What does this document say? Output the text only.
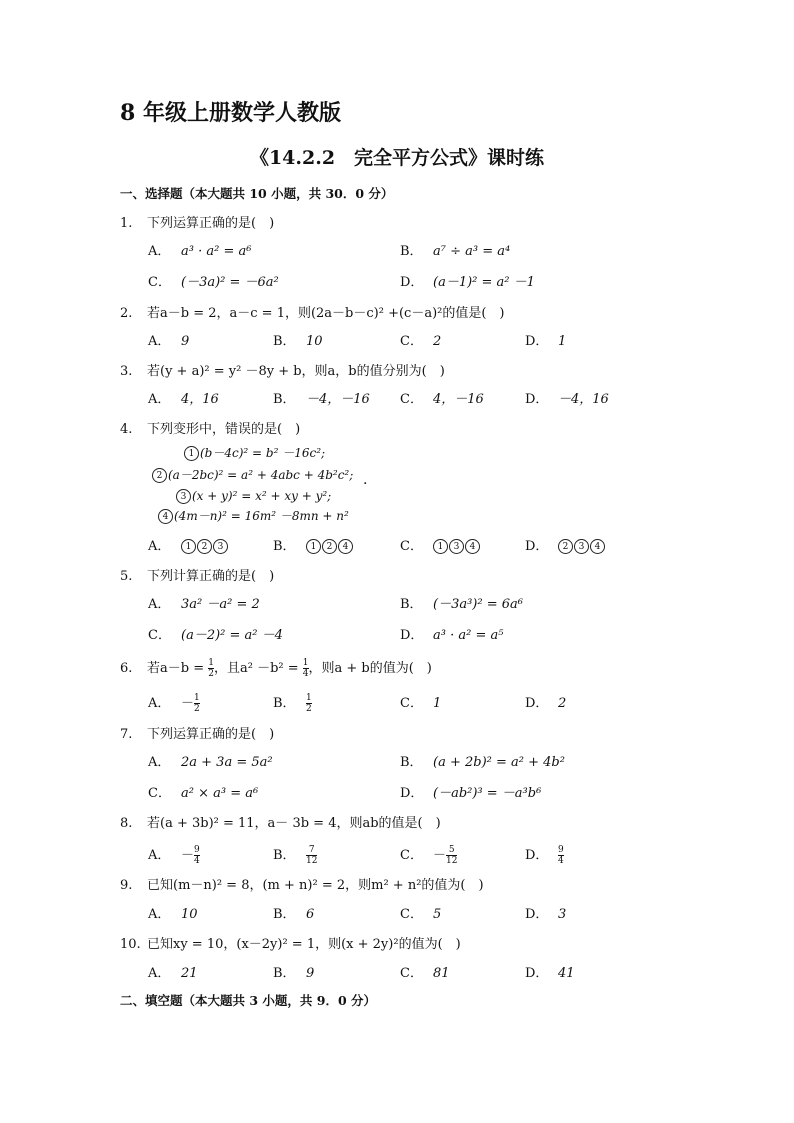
8 年级上册数学人教版
《14.2.2　完全平方公式》课时练
一、选择题（本大题共 10 小题，共 30．0 分）
1. 下列运算正确的是(　)
A． a³ · a² = a⁶	B． a⁷ ÷ a³ = a⁴
C． (－3a)² = －6a²	D． (a－1)² = a² －1
2. 若a－b = 2，a－c = 1，则(2a－b－c)² +(c－a)²的值是(　)
A． 9	B． 10	C． 2	D． 1
3. 若(y + a)² = y² －8y + b，则a，b的值分别为(　)
A． 4，16	B． －4，－16 C． 4，－16	D． －4，16
4. 下列变形中，错误的是(　)
1 (b－4c)² = b² －16c²;
2 (a－2bc)² = a² + 4abc + 4b²c²;
3 (x + y)² = x² + xy + y²;
4 (4m－n)² = 16m² －8mn + n²
.
A． 1 2 3	B． 1 2 4	C． 1 3 4	D． 2 3 4
5. 下列计算正确的是(　)
A． 3a² －a² = 2	B． (－3a³)² = 6a⁶
C． (a－2)² = a² －4	D． a³ · a² = a⁵
6. 若$a-b = \frac{1}{2}$ ，且$a^2 -b^2 = \frac{1}{4}$ ，则a + b的值为(　)
A． － $\frac{1}{2}$	B． $\frac{1}{2}$	C． 1	D． 2
7. 下列运算正确的是(　)
A． 2a + 3a = 5a²	B． (a + 2b)² = a² + 4b²
C． a² × a³ = a⁶	D． (－ab²)³ = －a³b⁶
8. 若(a + 3b)² = 11，a－ 3b = 4，则ab的值是(　)
A． － $\frac{9}{4}$	B． $\frac{7}{12}$	C． － $\frac{5}{12}$	D． $\frac{9}{4}$
9. 已知(m－n)² = 8，(m + n)² = 2，则m² + n²的值为(　)
A． 10	B． 6	C． 5	D． 3
10. 已知xy = 10，(x－2y)² = 1，则(x + 2y)²的值为(　)
A． 21	B． 9	C． 81	D． 41
二、填空题（本大题共 3 小题，共 9．0 分）
